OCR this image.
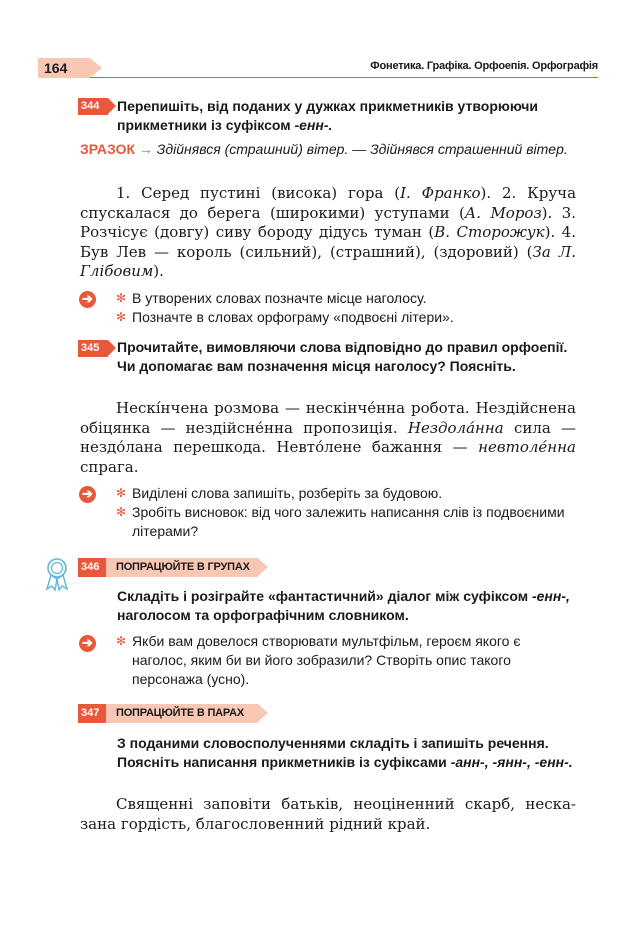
164	Фонетика. Графіка. Орфоепія. Орфографія
344	Перепишіть, від поданих у дужках прикметників утворюючи прикметники із суфіксом -енн-.
ЗРАЗОК → Здійнявся (страшний) вітер. — Здійнявся страшенний вітер.
1. Серед пустині (висока) гора (І. Франко). 2. Круча спускалася до берега (широкими) уступами (А. Мороз). 3. Розчісує (довгу) сиву бороду дідусь туман (В. Сторожук). 4. Був Лев — король (сильний), (страшний), (здоровий) (За Л. Глібовим).
➔ ✻ В утворених словах позначте місце наголосу.
✻ Позначте в словах орфограму «подвоєні літери».
345	Прочитайте, вимовляючи слова відповідно до правил орфоепії. Чи допомагає вам позначення місця наголосу? Поясніть.
Нескі́нчена розмова — нескінче́нна робота. Нездійснена обіцянка — нездійсне́нна пропозиція. Нездола́нна сила — нездо́лана перешкода. Невто́лене бажання — невтоле́нна спрага.
➔ ✻ Виділені слова запишіть, розберіть за будовою.
✻ Зробіть висновок: від чого залежить написання слів із подвоєними літерами?
346	ПОПРАЦЮЙТЕ В ГРУПАХ
Складіть і розіграйте «фантастичний» діалог між суфіксом -енн-, наголосом та орфографічним словником.
➔ ✻ Якби вам довелося створювати мультфільм, героєм якого є наголос, яким би ви його зобразили? Створіть опис такого персонажа (усно).
347	ПОПРАЦЮЙТЕ В ПАРАХ
З поданими словосполученнями складіть і запишіть речення. Поясніть написання прикметників із суфіксами -анн-, -янн-, -енн-.
Священні заповіти батьків, неоціненний скарб, несказана гордість, благословенний рідний край.
